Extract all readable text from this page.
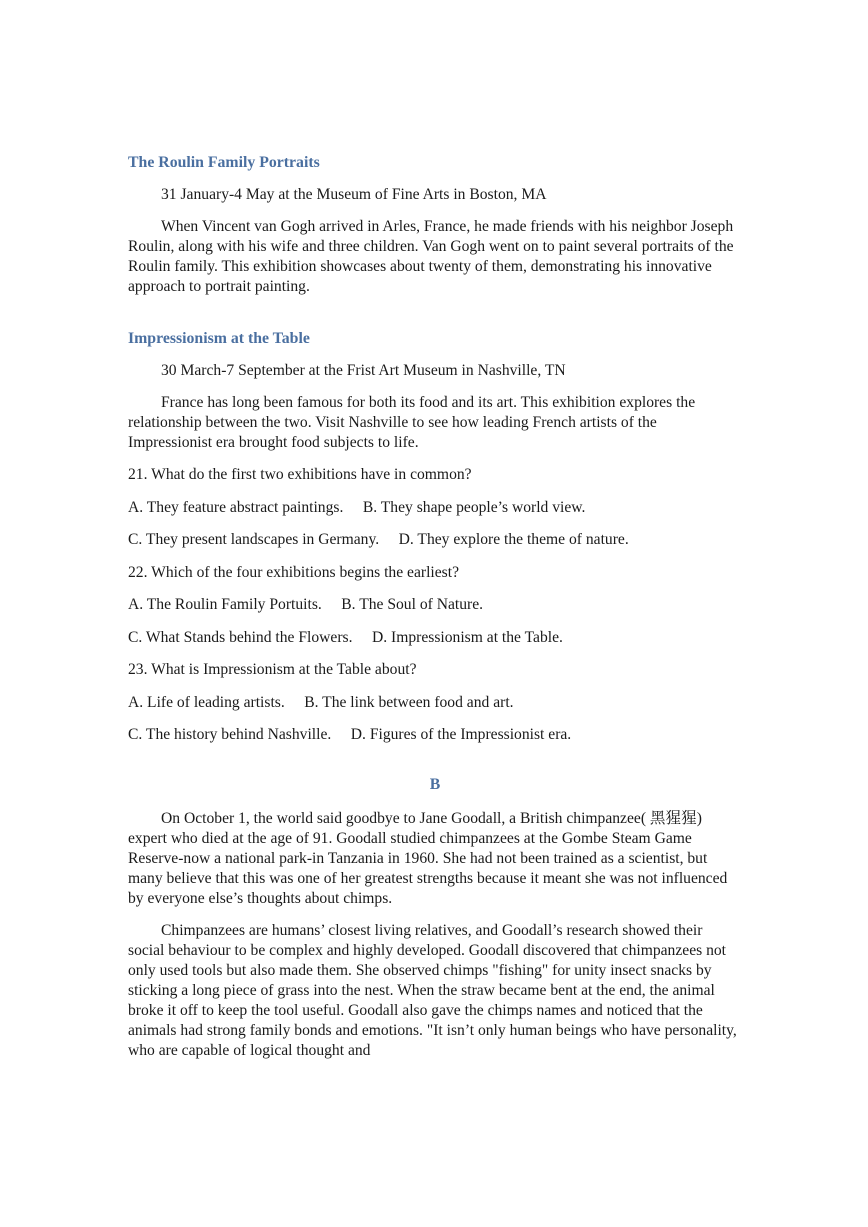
The Roulin Family Portraits
31 January-4 May at the Museum of Fine Arts in Boston, MA
When Vincent van Gogh arrived in Arles, France, he made friends with his neighbor Joseph Roulin, along with his wife and three children. Van Gogh went on to paint several portraits of the Roulin family. This exhibition showcases about twenty of them, demonstrating his innovative approach to portrait painting.
Impressionism at the Table
30 March-7 September at the Frist Art Museum in Nashville, TN
France has long been famous for both its food and its art. This exhibition explores the relationship between the two. Visit Nashville to see how leading French artists of the Impressionist era brought food subjects to life.
21. What do the first two exhibitions have in common?
A. They feature abstract paintings.     B. They shape people’s world view.
C. They present landscapes in Germany.     D. They explore the theme of nature.
22. Which of the four exhibitions begins the earliest?
A. The Roulin Family Portuits.     B. The Soul of Nature.
C. What Stands behind the Flowers.     D. Impressionism at the Table.
23. What is Impressionism at the Table about?
A. Life of leading artists.     B. The link between food and art.
C. The history behind Nashville.     D. Figures of the Impressionist era.
B
On October 1, the world said goodbye to Jane Goodall, a British chimpanzee( 黑猩猩) expert who died at the age of 91. Goodall studied chimpanzees at the Gombe Steam Game Reserve-now a national park-in Tanzania in 1960. She had not been trained as a scientist, but many believe that this was one of her greatest strengths because it meant she was not influenced by everyone else’s thoughts about chimps.
Chimpanzees are humans’ closest living relatives, and Goodall’s research showed their social behaviour to be complex and highly developed. Goodall discovered that chimpanzees not only used tools but also made them. She observed chimps "fishing" for unity insect snacks by sticking a long piece of grass into the nest. When the straw became bent at the end, the animal broke it off to keep the tool useful. Goodall also gave the chimps names and noticed that the animals had strong family bonds and emotions. "It isn’t only human beings who have personality, who are capable of logical thought and
